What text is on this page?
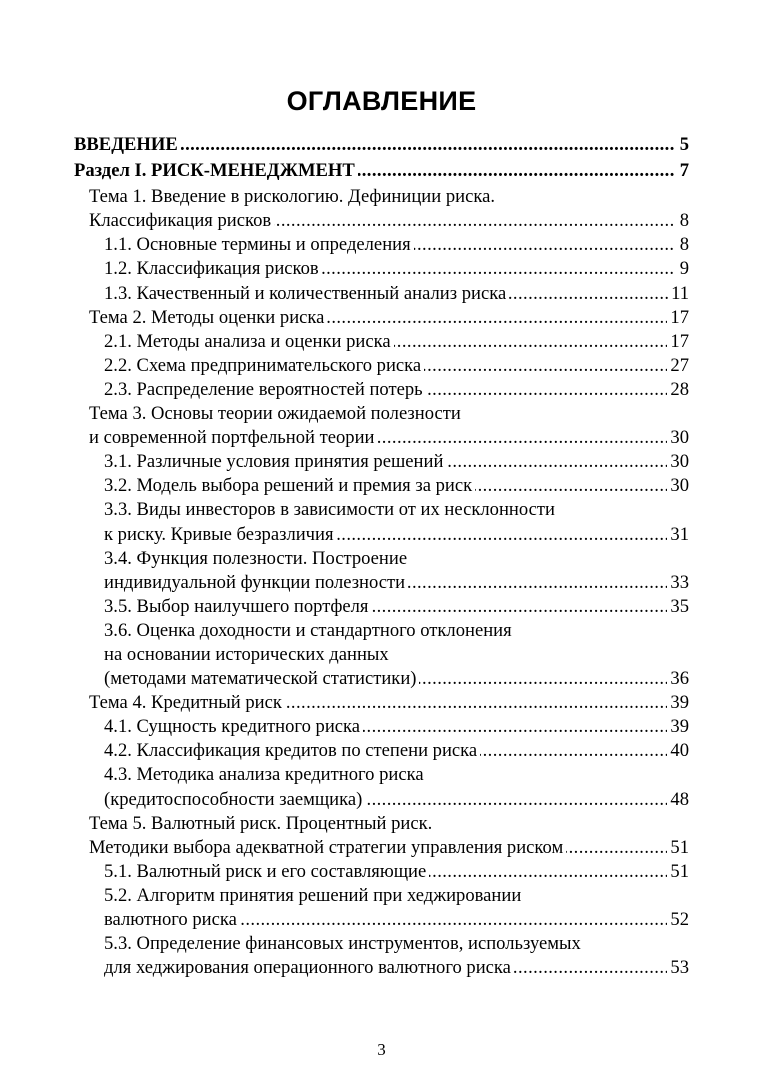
ОГЛАВЛЕНИЕ
ВВЕДЕНИЕ .....	5
Раздел I. РИСК-МЕНЕДЖМЕНТ .....	7
Тема 1. Введение в рискологию. Дефиниции риска.
Классификация рисков .....	8
1.1. Основные термины и определения .....	8
1.2. Классификация рисков .....	9
1.3. Качественный и количественный анализ риска .....	11
Тема 2. Методы оценки риска .....	17
2.1. Методы анализа и оценки риска .....	17
2.2. Схема предпринимательского риска .....	27
2.3. Распределение вероятностей потерь .....	28
Тема 3. Основы теории ожидаемой полезности
и современной портфельной теории .....	30
3.1. Различные условия принятия решений .....	30
3.2. Модель выбора решений и премия за риск .....	30
3.3. Виды инвесторов в зависимости от их несклонности
к риску. Кривые безразличия .....	31
3.4. Функция полезности. Построение
индивидуальной функции полезности .....	33
3.5. Выбор наилучшего портфеля .....	35
3.6. Оценка доходности и стандартного отклонения
на основании исторических данных
(методами математической статистики) .....	36
Тема 4. Кредитный риск .....	39
4.1. Сущность кредитного риска .....	39
4.2. Классификация кредитов по степени риска .....	40
4.3. Методика анализа кредитного риска
(кредитоспособности заемщика) .....	48
Тема 5. Валютный риск. Процентный риск.
Методики выбора адекватной стратегии управления риском .....	51
5.1. Валютный риск и его составляющие .....	51
5.2. Алгоритм принятия решений при хеджировании
валютного риска .....	52
5.3. Определение финансовых инструментов, используемых
для хеджирования операционного валютного риска .....	53
3
